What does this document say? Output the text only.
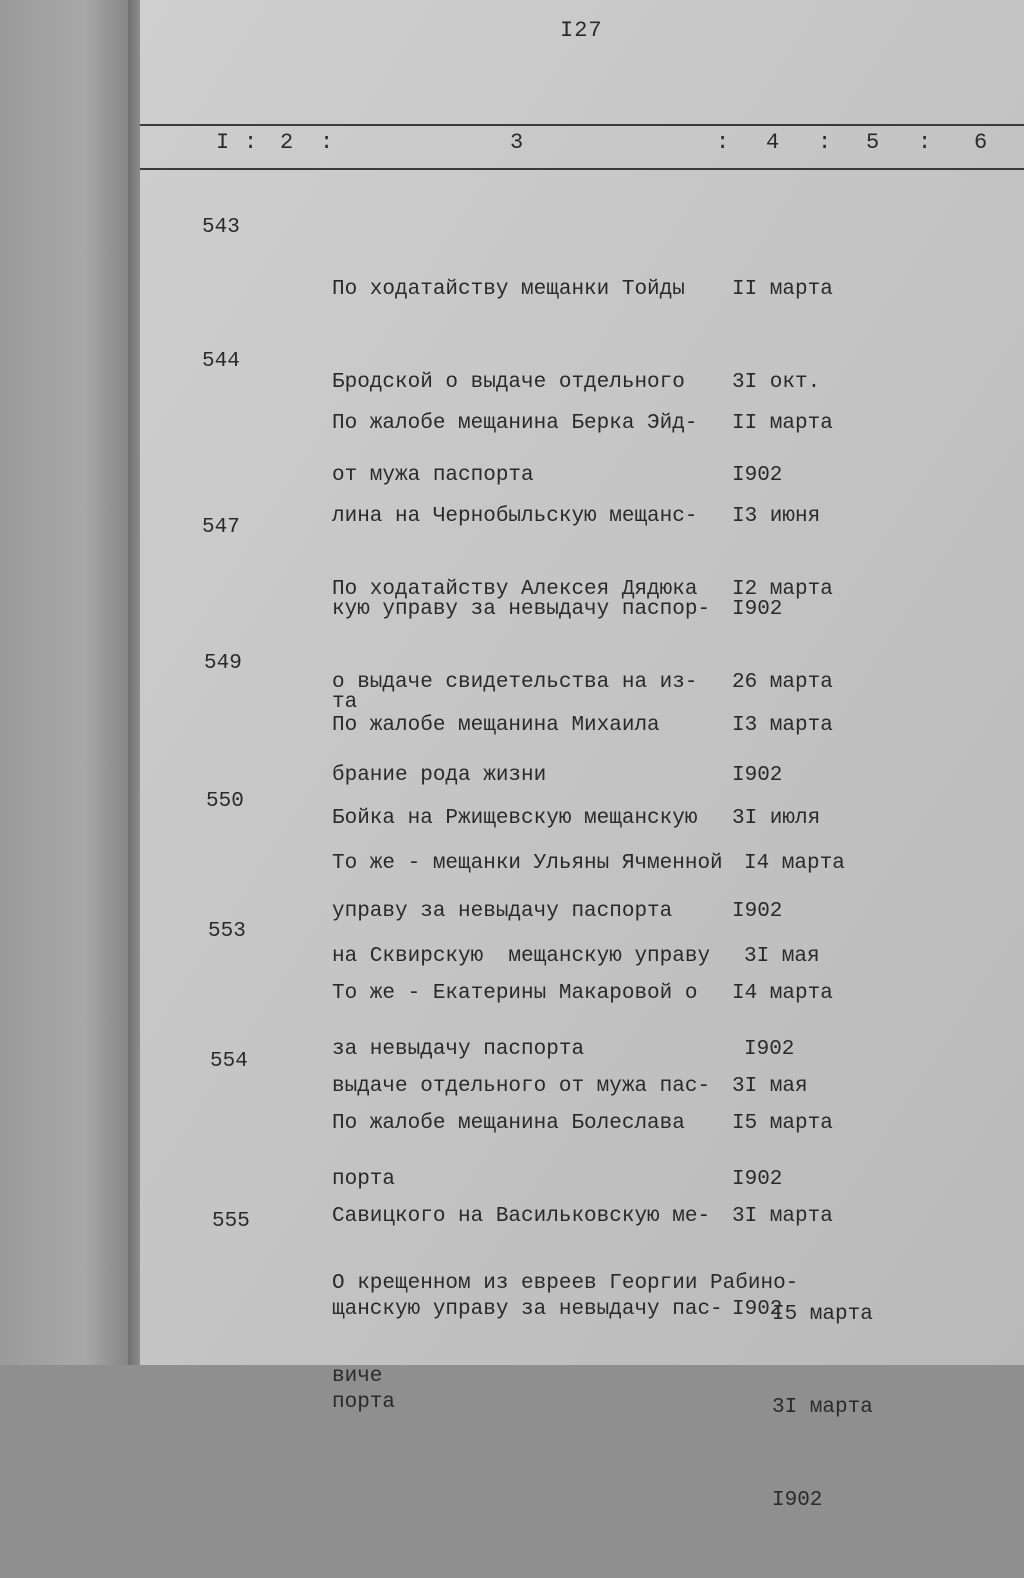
I27
I : 2 :	3	: 4 : 5 : 6
543

По ходатайству мещанки Тойды

Бродской о выдаче отдельного

от мужа паспорта

II марта

3I окт.

I902

544

По жалобе мещанина Берка Эйд-

лина на Чернобыльскую мещанс-

кую управу за невыдачу паспор-

та

II марта

I3 июня

I902

547

По ходатайству Алексея Дядюка

о выдаче свидетельства на из-

брание рода жизни

I2 марта

26 марта

I902

549

По жалобе мещанина Михаила

Бойка на Ржищевскую мещанскую

управу за невыдачу паспорта

I3 марта

3I июля

I902

550

То же - мещанки Ульяны Ячменной

на Сквирскую  мещанскую управу

за невыдачу паспорта

I4 марта

3I мая

I902

553

То же - Екатерины Макаровой о

выдаче отдельного от мужа пас-

порта

I4 марта

3I мая

I902

554

По жалобе мещанина Болеслава

Савицкого на Васильковскую ме-

щанскую управу за невыдачу пас-

порта

I5 марта

3I марта

I902

555

О крещенном из евреев Георгии Рабино-

виче

I5 марта

3I марта

I902
